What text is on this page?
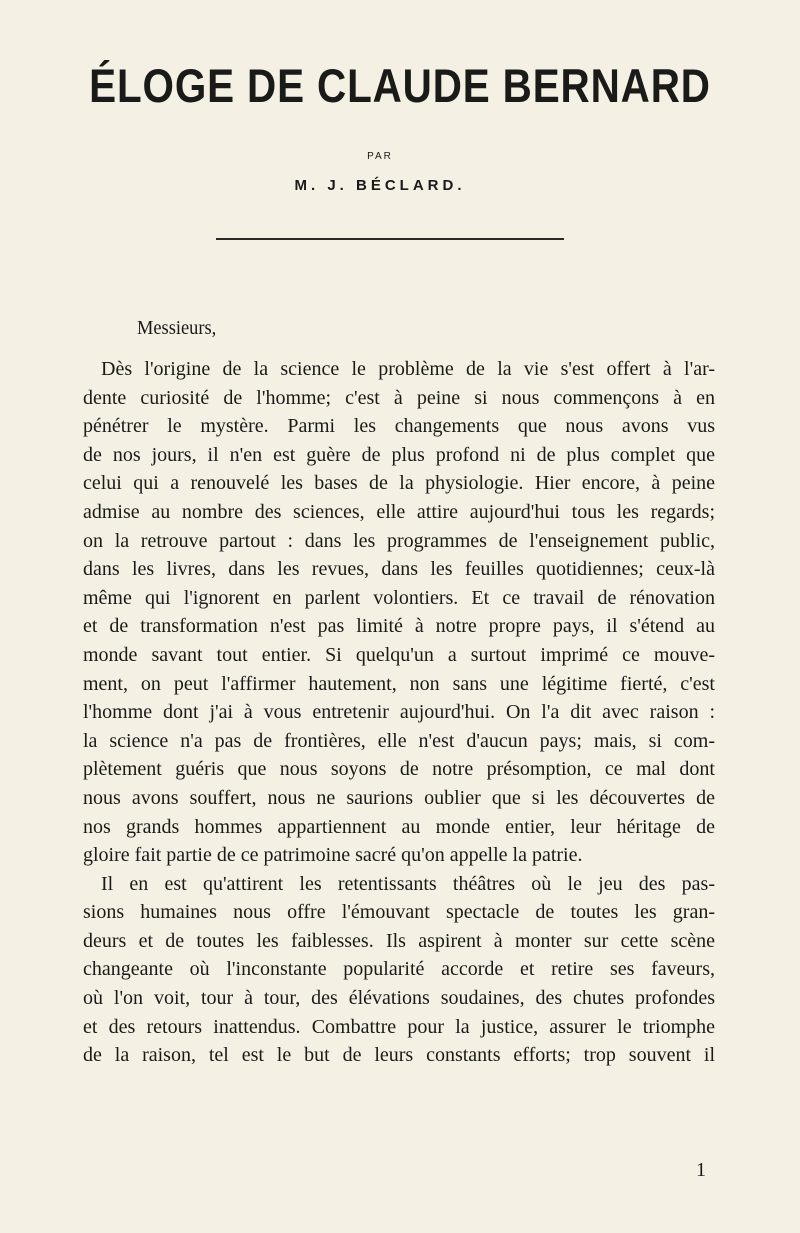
ÉLOGE DE CLAUDE BERNARD
PAR
M. J. BÉCLARD.
Messieurs,
Dès l'origine de la science le problème de la vie s'est offert à l'ar-
dente curiosité de l'homme; c'est à peine si nous commençons à en
pénétrer le mystère. Parmi les changements que nous avons vus
de nos jours, il n'en est guère de plus profond ni de plus complet que
celui qui a renouvelé les bases de la physiologie. Hier encore, à peine
admise au nombre des sciences, elle attire aujourd'hui tous les regards;
on la retrouve partout : dans les programmes de l'enseignement public,
dans les livres, dans les revues, dans les feuilles quotidiennes; ceux-là
même qui l'ignorent en parlent volontiers. Et ce travail de rénovation
et de transformation n'est pas limité à notre propre pays, il s'étend au
monde savant tout entier. Si quelqu'un a surtout imprimé ce mouve-
ment, on peut l'affirmer hautement, non sans une légitime fierté, c'est
l'homme dont j'ai à vous entretenir aujourd'hui. On l'a dit avec raison :
la science n'a pas de frontières, elle n'est d'aucun pays; mais, si com-
plètement guéris que nous soyons de notre présomption, ce mal dont
nous avons souffert, nous ne saurions oublier que si les découvertes de
nos grands hommes appartiennent au monde entier, leur héritage de
gloire fait partie de ce patrimoine sacré qu'on appelle la patrie.
Il en est qu'attirent les retentissants théâtres où le jeu des pas-
sions humaines nous offre l'émouvant spectacle de toutes les gran-
deurs et de toutes les faiblesses. Ils aspirent à monter sur cette scène
changeante où l'inconstante popularité accorde et retire ses faveurs,
où l'on voit, tour à tour, des élévations soudaines, des chutes profondes
et des retours inattendus. Combattre pour la justice, assurer le triomphe
de la raison, tel est le but de leurs constants efforts; trop souvent il
1
